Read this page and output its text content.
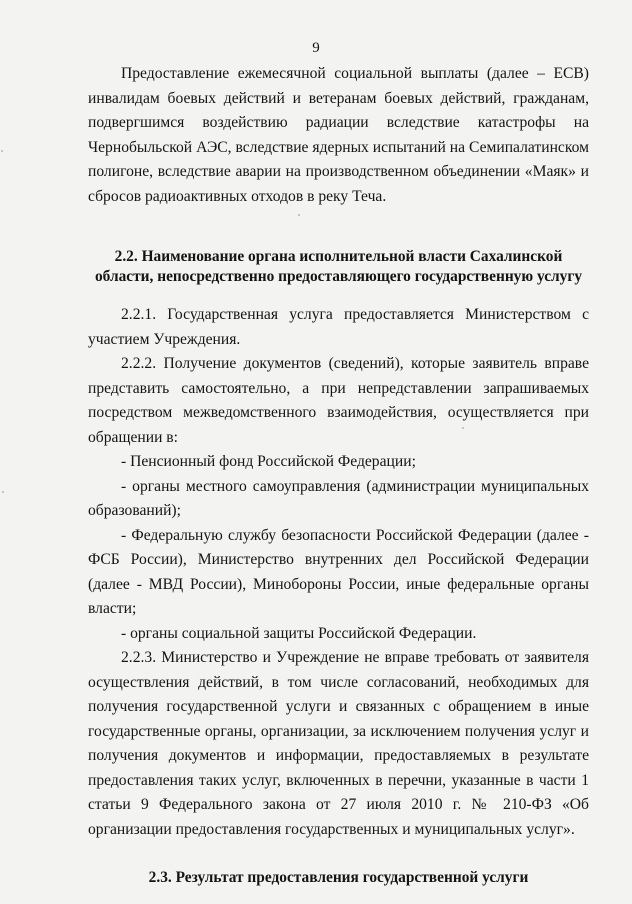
9

Предоставление ежемесячной социальной выплаты (далее – ЕСВ) инвалидам боевых действий и ветеранам боевых действий, гражданам, подвергшимся воздействию радиации вследствие катастрофы на Чернобыльской АЭС, вследствие ядерных испытаний на Семипалатинском полигоне, вследствие аварии на производственном объединении «Маяк» и сбросов радиоактивных отходов в реку Теча.

2.2. Наименование органа исполнительной власти Сахалинской
области, непосредственно предоставляющего государственную услугу

2.2.1. Государственная услуга предоставляется Министерством с участием Учреждения.

2.2.2. Получение документов (сведений), которые заявитель вправе представить самостоятельно, а при непредставлении запрашиваемых посредством межведомственного взаимодействия, осуществляется при обращении в:

- Пенсионный фонд Российской Федерации;

- органы местного самоуправления (администрации муниципальных образований);

- Федеральную службу безопасности Российской Федерации (далее - ФСБ России), Министерство внутренних дел Российской Федерации (далее - МВД России), Минобороны России, иные федеральные органы власти;

- органы социальной защиты Российской Федерации.

2.2.3. Министерство и Учреждение не вправе требовать от заявителя осуществления действий, в том числе согласований, необходимых для получения государственной услуги и связанных с обращением в иные государственные органы, организации, за исключением получения услуг и получения документов и информации, предоставляемых в результате предоставления таких услуг, включенных в перечни, указанные в части 1 статьи 9 Федерального закона от 27 июля 2010 г. № 210-ФЗ «Об организации предоставления государственных и муниципальных услуг».

2.3. Результат предоставления государственной услуги
